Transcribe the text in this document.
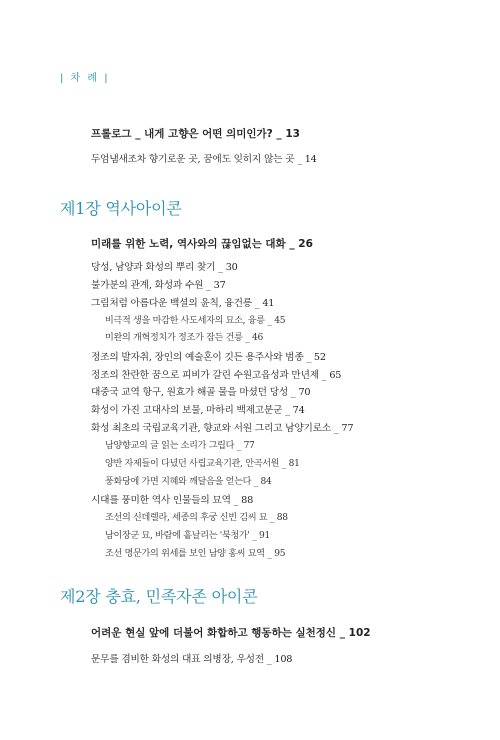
| 차 례 |
프롤로그 _ 내게 고향은 어떤 의미인가? _ 13
두엄냄새조차 향기로운 곳, 꿈에도 잊히지 않는 곳 _ 14
제1장 역사아이콘
미래를 위한 노력, 역사와의 끊임없는 대화 _ 26
당성, 남양과 화성의 뿌리 찾기 _ 30
불가분의 관계, 화성과 수원 _ 37
그림처럼 아름다운 백셜의 윤칙, 융건릉 _ 41
비극적 생을 마감한 사도세자의 묘소, 융릉 _ 45
미완의 개혁정치가 정조가 잠든 건릉 _ 46
정조의 발자취, 장인의 예술혼이 깃든 용주사와 범종 _ 52
정조의 찬란한 꿈으로 피비가 갈린 수원고읍성과 만년제 _ 65
대중국 교역 항구, 원효가 해골 물을 마셨던 당성 _ 70
화성이 가진 고대사의 보물, 마하리 백제고분군 _ 74
화성 최초의 국립교육기관, 향교와 서원 그리고 남양기로소 _ 77
남양향교의 글 읽는 소리가 그립다 _ 77
양반 자제들이 다녔던 사립교육기관, 안곡서원 _ 81
풍화당에 가면 지혜와 깨달음을 얻는다 _ 84
시대를 풍미한 역사 인물들의 묘역 _ 88
조선의 신데렐라, 세종의 후궁 신빈 김씨 묘 _ 88
남이장군 묘, 바람에 흩날리는 '북청가' _ 91
조선 명문가의 위세를 보인 남양 홍씨 묘역 _ 95
제2장 충효, 민족자존 아이콘
어려운 현실 앞에 더불어 화합하고 행동하는 실천정신 _ 102
문무를 겸비한 화성의 대표 의병장, 우성전 _ 108
